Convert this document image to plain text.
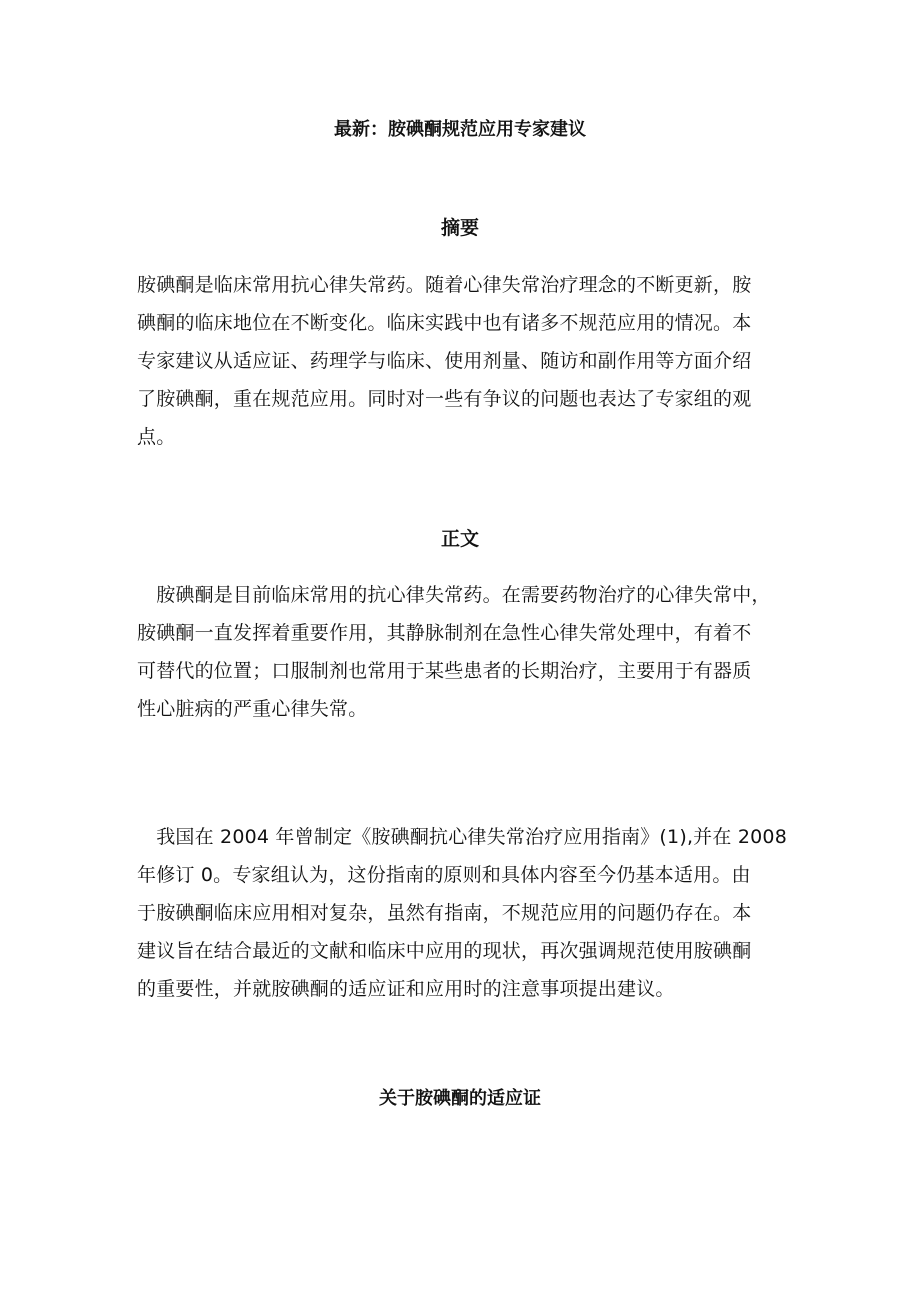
最新：胺碘酮规范应用专家建议
摘要
胺碘酮是临床常用抗心律失常药。随着心律失常治疗理念的不断更新，胺
碘酮的临床地位在不断变化。临床实践中也有诸多不规范应用的情况。本
专家建议从适应证、药理学与临床、使用剂量、随访和副作用等方面介绍
了胺碘酮，重在规范应用。同时对一些有争议的问题也表达了专家组的观
点。
正文
　胺碘酮是目前临床常用的抗心律失常药。在需要药物治疗的心律失常中，
胺碘酮一直发挥着重要作用，其静脉制剂在急性心律失常处理中，有着不
可替代的位置；口服制剂也常用于某些患者的长期治疗，主要用于有器质
性心脏病的严重心律失常。
　我国在 2004 年曾制定《胺碘酮抗心律失常治疗应用指南》(1),并在 2008
年修订 0。专家组认为，这份指南的原则和具体内容至今仍基本适用。由
于胺碘酮临床应用相对复杂，虽然有指南，不规范应用的问题仍存在。本
建议旨在结合最近的文献和临床中应用的现状，再次强调规范使用胺碘酮
的重要性，并就胺碘酮的适应证和应用时的注意事项提出建议。
关于胺碘酮的适应证
